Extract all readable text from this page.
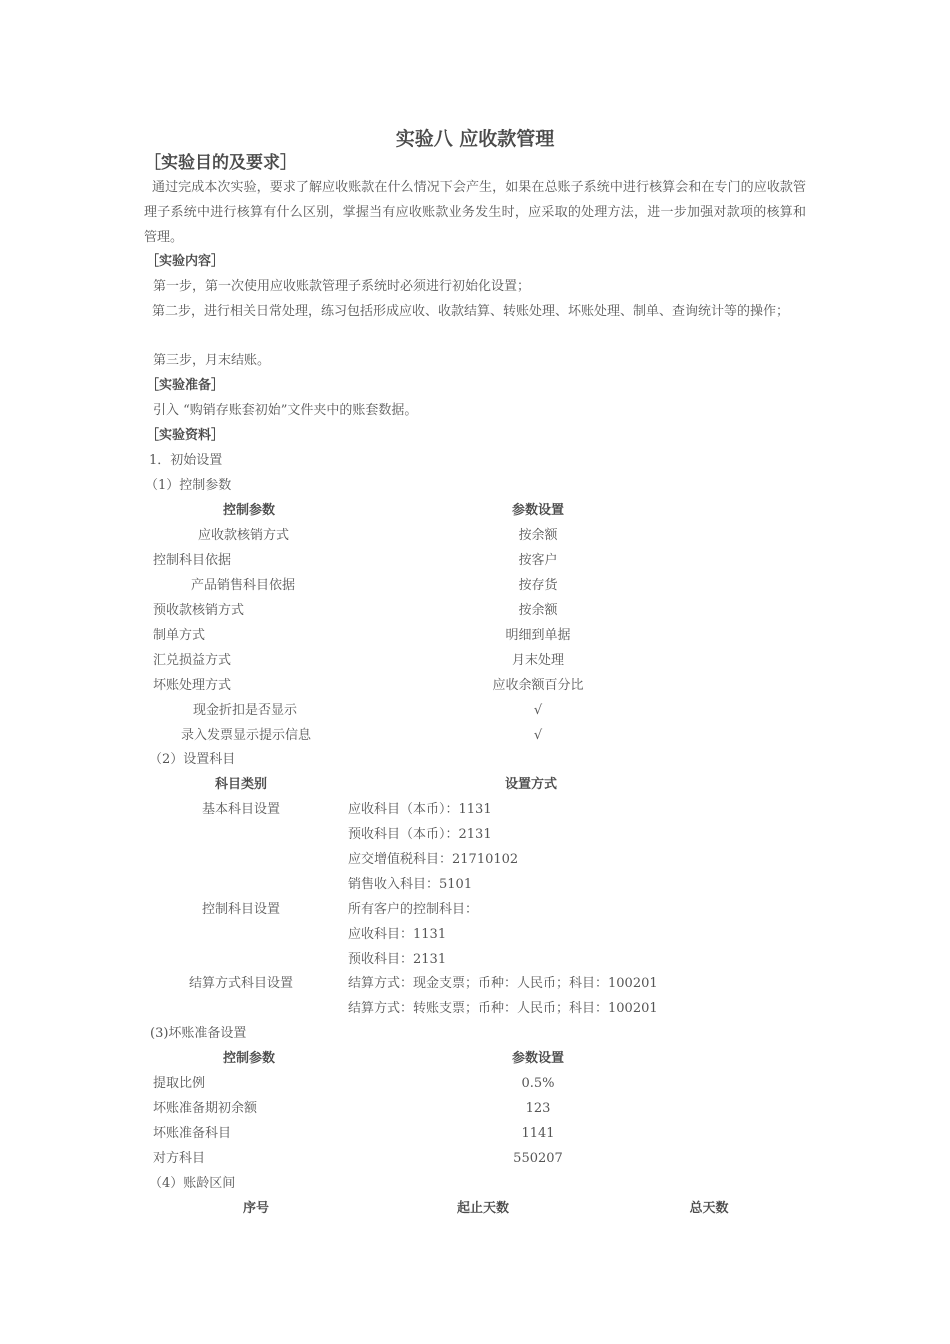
实验八 应收款管理
［实验目的及要求］
通过完成本次实验，要求了解应收账款在什么情况下会产生，如果在总账子系统中进行核算会和在专门的应收款管理子系统中进行核算有什么区别，掌握当有应收账款业务发生时，应采取的处理方法，进一步加强对款项的核算和管理。
［实验内容］
第一步，第一次使用应收账款管理子系统时必须进行初始化设置；
第二步，进行相关日常处理，练习包括形成应收、收款结算、转账处理、坏账处理、制单、查询统计等的操作；
第三步，月末结账。
［实验准备］
引入 “购销存账套初始”文件夹中的账套数据。
［实验资料］
1．初始设置
（1）控制参数
控制参数	参数设置
应收款核销方式	按余额
控制科目依据	按客户
产品销售科目依据	按存货
预收款核销方式	按余额
制单方式	明细到单据
汇兑损益方式	月末处理
坏账处理方式	应收余额百分比
现金折扣是否显示	√
录入发票显示提示信息	√
（2）设置科目
科目类别	设置方式
基本科目设置	应收科目（本币）：1131
预收科目（本币）：2131
应交增值税科目：21710102
销售收入科目：5101
控制科目设置	所有客户的控制科目：
应收科目：1131
预收科目：2131
结算方式科目设置	结算方式：现金支票；币种：人民币；科目：100201
结算方式：转账支票；币种：人民币；科目：100201
(3)坏账准备设置
控制参数	参数设置
提取比例	0.5%
坏账准备期初余额	123
坏账准备科目	1141
对方科目	550207
（4）账龄区间
序号	起止天数	总天数
